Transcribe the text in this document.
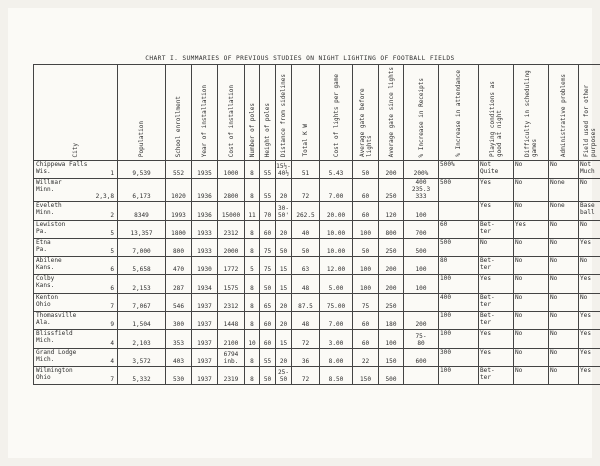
CHART I. SUMMARIES OF PREVIOUS STUDIES ON NIGHT LIGHTING OF FOOTBALL FIELDS
City	Population	School enrollment	Year of installation	Cost of installation	Number of poles	Height of poles	Distance from sidelines	Total K W	Cost of lights per game	Average gate before lights	Average gate since lights	% Increase in Receipts	% Increase in attendance	Playing conditions as good at night	Difficulty in scheduling games	Administrative problems	Field used for other purposes

Chippewa Falls
Wis. 1	9,539	552	1935	1000	8	55	15½-
40½	51	5.43	50	200	200%	500%	Not
Quite	No	No	Not
Much
Willmar
Minn.
2,3,8	6,173	1020	1936	2800	8	55	20	72	7.00	60	250	400
235.3
333	500	Yes	No	None	No
Eveleth
Minn. 2	8349	1993	1936	15000	11	70	30-
50'	262.5	20.00	60	120	100		Yes	No	None	Base
ball
Lewiston
Pa. 5	13,357	1800	1933	2312	8	60	20	40	10.00	100	800	700	60	Bet-
ter	Yes	No	No
Etna
Pa. 5	7,000	800	1933	2000	8	75	50	50	10.00	50	250	500	500	No	No	No	Yes
Abilene
Kans. 6	5,658	470	1930	1772	5	75	15	63	12.00	100	200	100	80	Bet-
ter	No	No	No
Colby
Kans. 6	2,153	287	1934	1575	8	50	15	48	5.00	100	200	100	100	Yes	No	No	Yes
Kenton
Ohio 7	7,067	546	1937	2312	8	65	20	87.5	75.00	75	250		400	Bet-
ter	No	No	No
Thomasville
Ala. 9	1,504	300	1937	1448	8	60	20	48	7.00	60	180	200	100	Bet-
ter	No	No	Yes
Blissfield
Mich. 4	2,103	353	1937	2100	10	60	15	72	3.00	60	100	75-
80	100	Yes	No	No	Yes
Grand Lodge
Mich. 4	3,572	403	1937	6794
inb.	8	55	20	36	8.00	22	150	600	300	Yes	No	No	Yes
Wilmington
Ohio 7	5,332	530	1937	2319	8	50	25-
50	72	8.50	150	500		100	Bet-
ter	No	No	Yes
